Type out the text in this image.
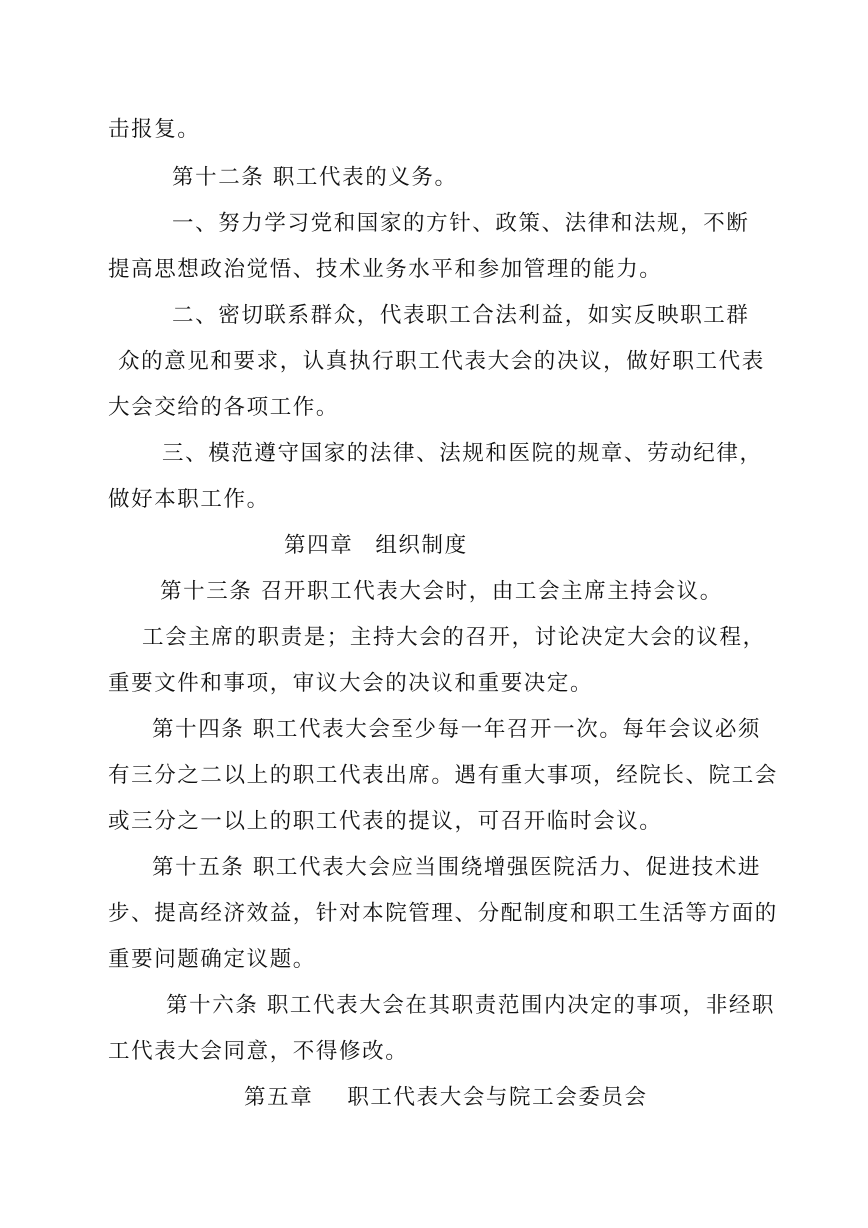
击报复。
第十二条 职工代表的义务。
一、努力学习党和国家的方针、政策、法律和法规，不断
提高思想政治觉悟、技术业务水平和参加管理的能力。
二、密切联系群众，代表职工合法利益，如实反映职工群
众的意见和要求，认真执行职工代表大会的决议，做好职工代表
大会交给的各项工作。
三、模范遵守国家的法律、法规和医院的规章、劳动纪律，
做好本职工作。
第四章 组织制度
第十三条 召开职工代表大会时，由工会主席主持会议。
工会主席的职责是；主持大会的召开，讨论决定大会的议程，
重要文件和事项，审议大会的决议和重要决定。
第十四条 职工代表大会至少每一年召开一次。每年会议必须
有三分之二以上的职工代表出席。遇有重大事项，经院长、院工会
或三分之一以上的职工代表的提议，可召开临时会议。
第十五条 职工代表大会应当围绕增强医院活力、促进技术进
步、提高经济效益，针对本院管理、分配制度和职工生活等方面的
重要问题确定议题。
第十六条 职工代表大会在其职责范围内决定的事项，非经职
工代表大会同意，不得修改。
第五章 职工代表大会与院工会委员会
